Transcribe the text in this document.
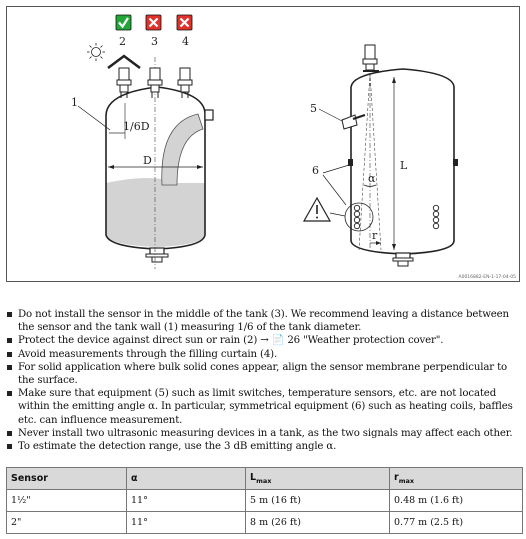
2 3 4
1
1/6D
D
5
6	L
α
r
A0016882-EN-1-17-04-05
Do not install the sensor in the middle of the tank (3). We recommend leaving a distance between the sensor and the tank wall (1) measuring 1/6 of the tank diameter.
Protect the device against direct sun or rain (2) → 📄 26 "Weather protection cover".
Avoid measurements through the filling curtain (4).
For solid application where bulk solid cones appear, align the sensor membrane perpendicular to the surface.
Make sure that equipment (5) such as limit switches, temperature sensors, etc. are not located within the emitting angle α. In particular, symmetrical equipment (6) such as heating coils, baffles etc. can influence measurement.
Never install two ultrasonic measuring devices in a tank, as the two signals may affect each other.
To estimate the detection range, use the 3 dB emitting angle α.
Sensor	α	$L_{max}$	$r_{max}$
1½"	11°	5 m (16 ft)	0.48 m (1.6 ft)
2"	11°	8 m (26 ft)	0.77 m (2.5 ft)
